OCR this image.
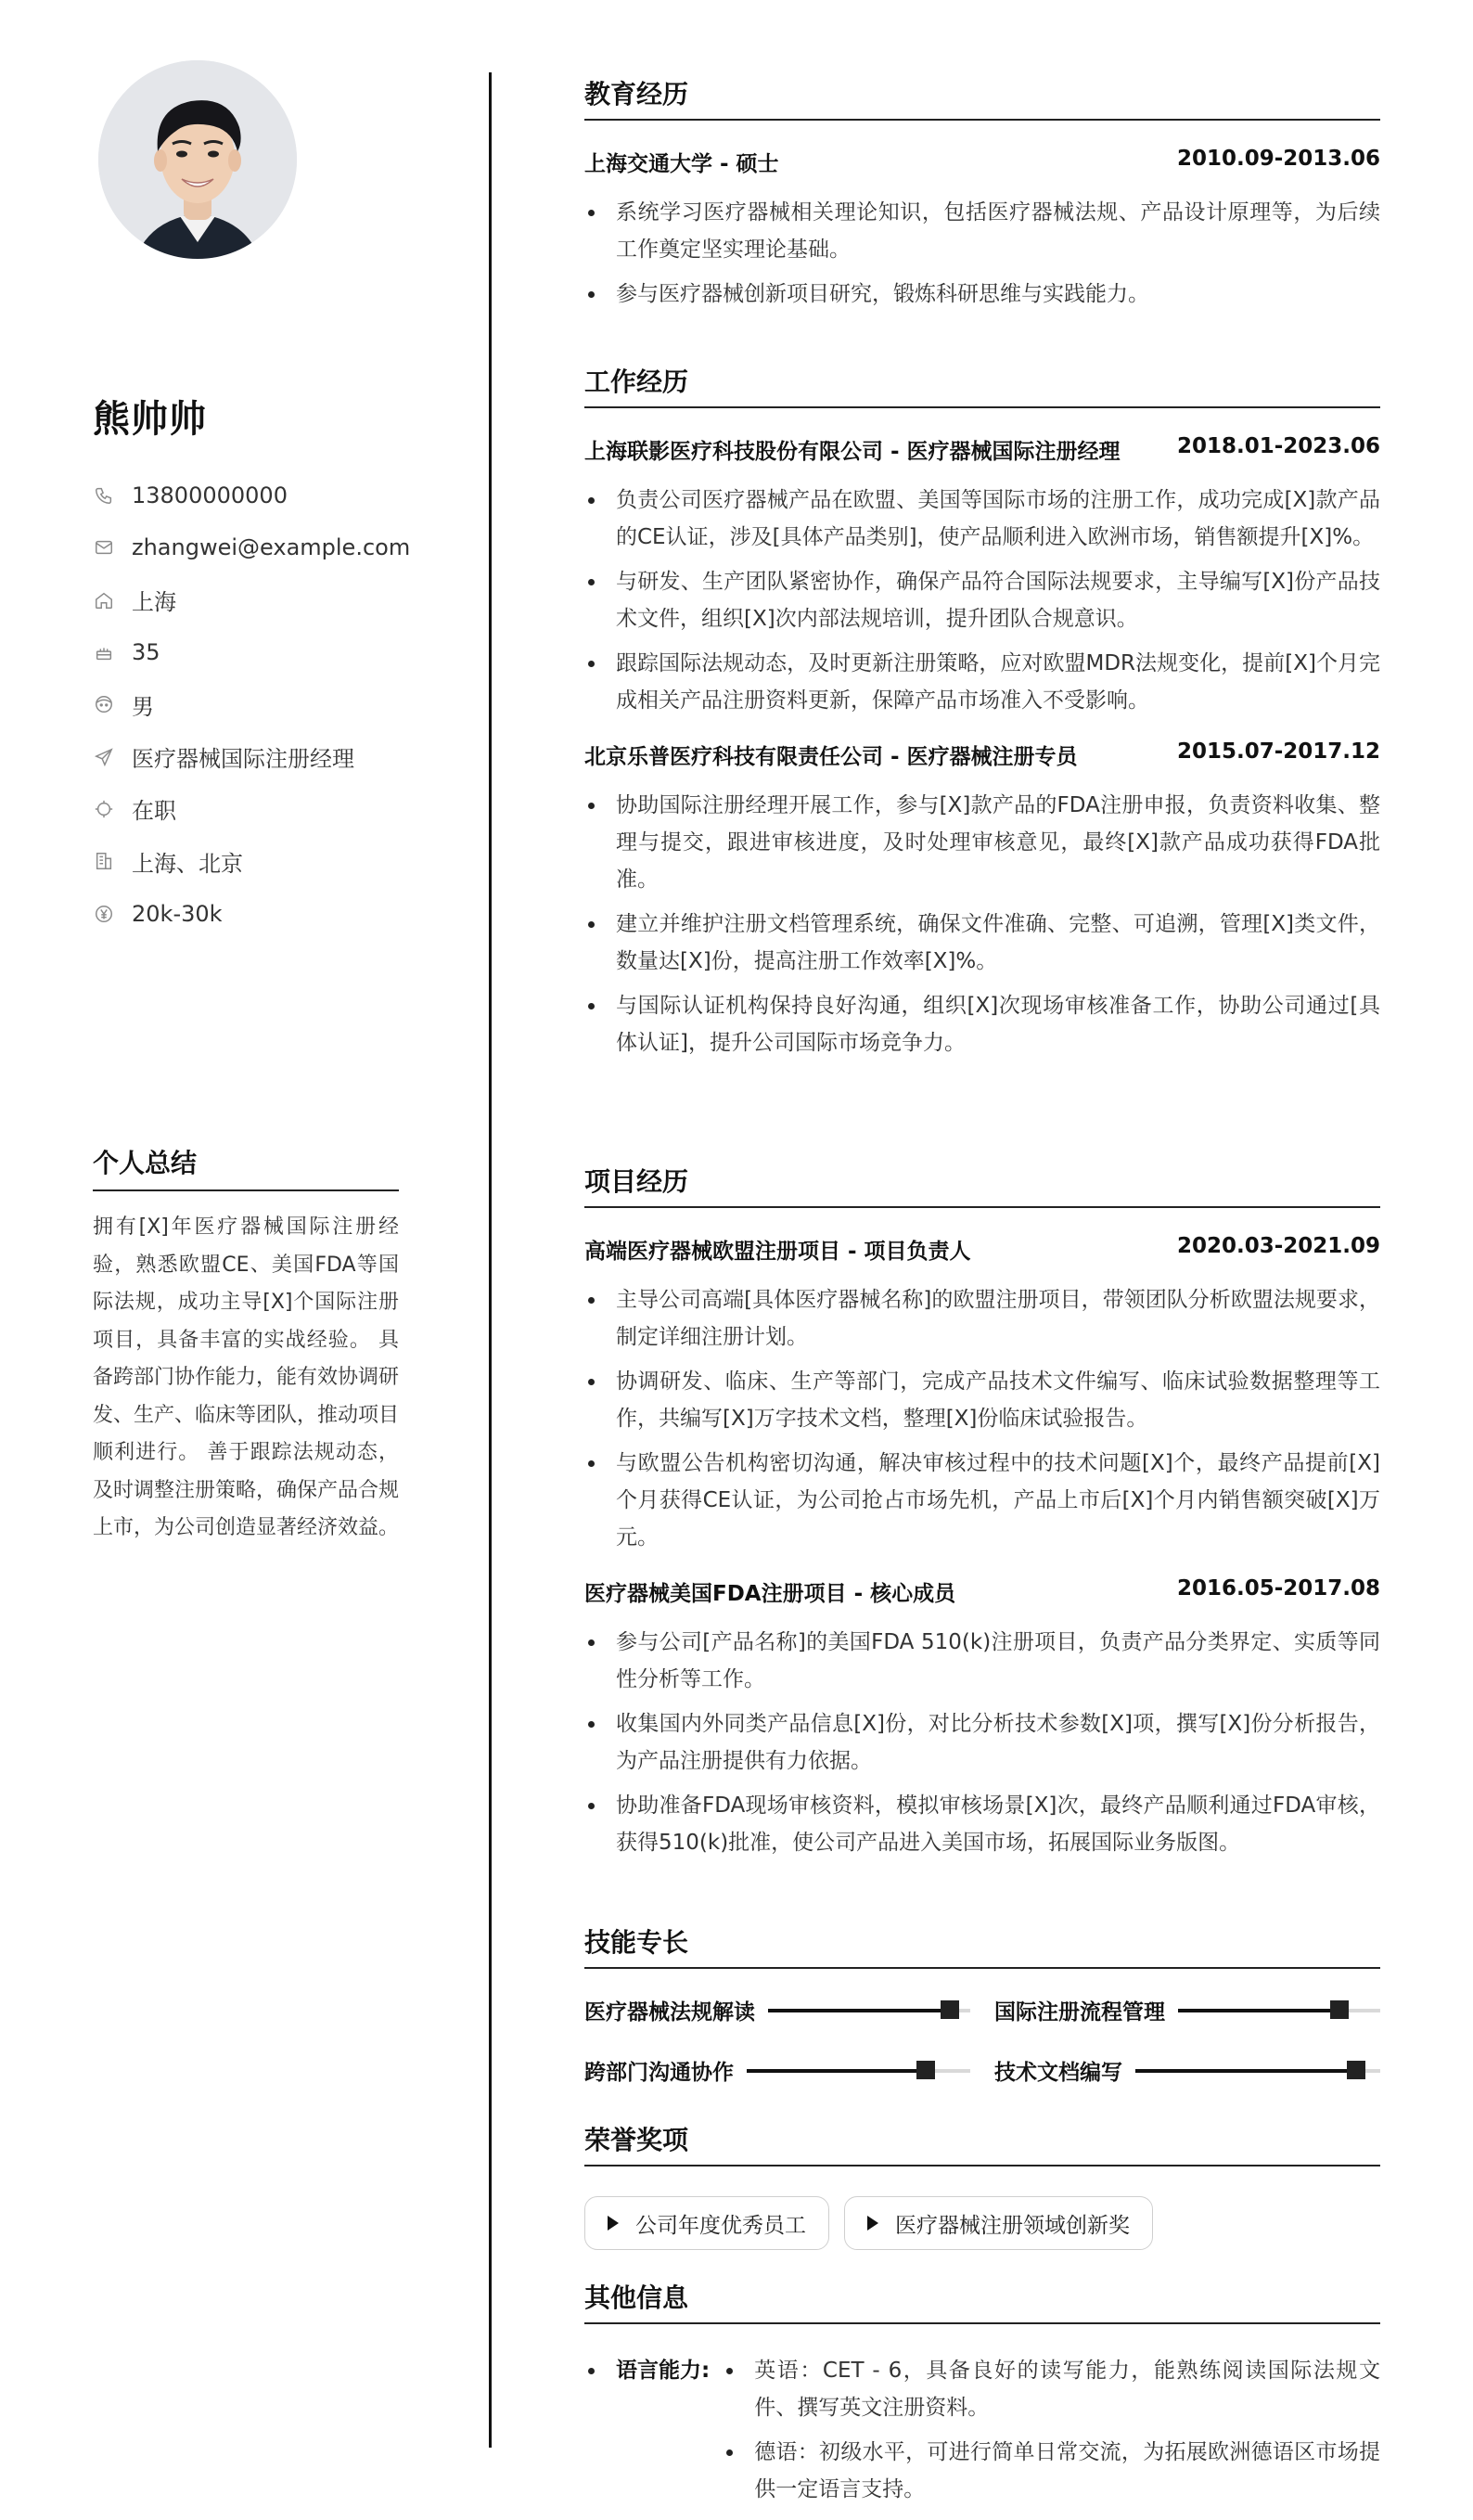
熊帅帅
13800000000
zhangwei@example.com
上海
35
男
医疗器械国际注册经理
在职
上海、北京
20k-30k
个人总结
拥有[X]年医疗器械国际注册经验，熟悉欧盟CE、美国FDA等国际法规，成功主导[X]个国际注册项目，具备丰富的实战经验。 具备跨部门协作能力，能有效协调研发、生产、临床等团队，推动项目顺利进行。 善于跟踪法规动态，及时调整注册策略，确保产品合规上市，为公司创造显著经济效益。
教育经历
上海交通大学 - 硕士	2010.09-2013.06
系统学习医疗器械相关理论知识，包括医疗器械法规、产品设计原理等，为后续工作奠定坚实理论基础。
参与医疗器械创新项目研究，锻炼科研思维与实践能力。
工作经历
上海联影医疗科技股份有限公司 - 医疗器械国际注册经理	2018.01-2023.06
负责公司医疗器械产品在欧盟、美国等国际市场的注册工作，成功完成[X]款产品的CE认证，涉及[具体产品类别]，使产品顺利进入欧洲市场，销售额提升[X]%。
与研发、生产团队紧密协作，确保产品符合国际法规要求，主导编写[X]份产品技术文件，组织[X]次内部法规培训，提升团队合规意识。
跟踪国际法规动态，及时更新注册策略，应对欧盟MDR法规变化，提前[X]个月完成相关产品注册资料更新，保障产品市场准入不受影响。
北京乐普医疗科技有限责任公司 - 医疗器械注册专员	2015.07-2017.12
协助国际注册经理开展工作，参与[X]款产品的FDA注册申报，负责资料收集、整理与提交，跟进审核进度，及时处理审核意见，最终[X]款产品成功获得FDA批准。
建立并维护注册文档管理系统，确保文件准确、完整、可追溯，管理[X]类文件，数量达[X]份，提高注册工作效率[X]%。
与国际认证机构保持良好沟通，组织[X]次现场审核准备工作，协助公司通过[具体认证]，提升公司国际市场竞争力。
项目经历
高端医疗器械欧盟注册项目 - 项目负责人	2020.03-2021.09
主导公司高端[具体医疗器械名称]的欧盟注册项目，带领团队分析欧盟法规要求，制定详细注册计划。
协调研发、临床、生产等部门，完成产品技术文件编写、临床试验数据整理等工作，共编写[X]万字技术文档，整理[X]份临床试验报告。
与欧盟公告机构密切沟通，解决审核过程中的技术问题[X]个，最终产品提前[X]个月获得CE认证，为公司抢占市场先机，产品上市后[X]个月内销售额突破[X]万元。
医疗器械美国FDA注册项目 - 核心成员	2016.05-2017.08
参与公司[产品名称]的美国FDA 510(k)注册项目，负责产品分类界定、实质等同性分析等工作。
收集国内外同类产品信息[X]份，对比分析技术参数[X]项，撰写[X]份分析报告，为产品注册提供有力依据。
协助准备FDA现场审核资料，模拟审核场景[X]次，最终产品顺利通过FDA审核，获得510(k)批准，使公司产品进入美国市场，拓展国际业务版图。
技能专长
医疗器械法规解读	国际注册流程管理
跨部门沟通协作	技术文档编写
荣誉奖项
公司年度优秀员工	医疗器械注册领域创新奖
其他信息
语言能力:	英语：CET - 6，具备良好的读写能力，能熟练阅读国际法规文件、撰写英文注册资料。
德语：初级水平，可进行简单日常交流，为拓展欧洲德语区市场提供一定语言支持。
